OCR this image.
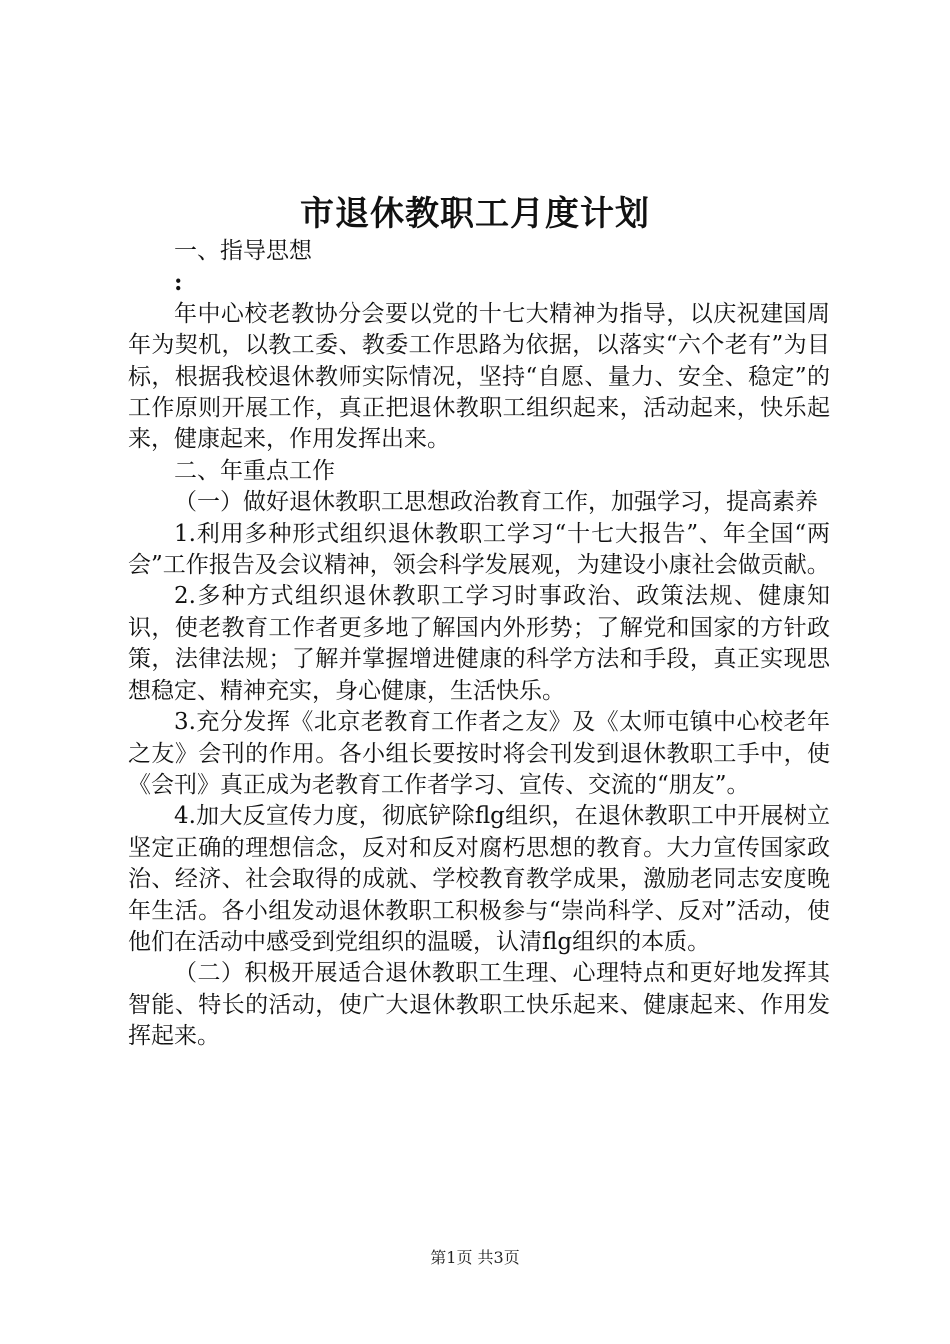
市退休教职工月度计划

一、指导思想

:

年中心校老教协分会要以党的十七大精神为指导，以庆祝建国周年为契机，以教工委、教委工作思路为依据，以落实“六个老有”为目标，根据我校退休教师实际情况，坚持“自愿、量力、安全、稳定”的工作原则开展工作，真正把退休教职工组织起来，活动起来，快乐起来，健康起来，作用发挥出来。

二、年重点工作

（一）做好退休教职工思想政治教育工作，加强学习，提高素养

1.利用多种形式组织退休教职工学习“十七大报告”、年全国“两会”工作报告及会议精神，领会科学发展观，为建设小康社会做贡献。

2.多种方式组织退休教职工学习时事政治、政策法规、健康知识，使老教育工作者更多地了解国内外形势；了解党和国家的方针政策，法律法规；了解并掌握增进健康的科学方法和手段，真正实现思想稳定、精神充实，身心健康，生活快乐。

3.充分发挥《北京老教育工作者之友》及《太师屯镇中心校老年之友》会刊的作用。各小组长要按时将会刊发到退休教职工手中，使《会刊》真正成为老教育工作者学习、宣传、交流的“朋友”。

4.加大反宣传力度，彻底铲除flg组织，在退休教职工中开展树立坚定正确的理想信念，反对和反对腐朽思想的教育。大力宣传国家政治、经济、社会取得的成就、学校教育教学成果，激励老同志安度晚年生活。各小组发动退休教职工积极参与“崇尚科学、反对”活动，使他们在活动中感受到党组织的温暖，认清flg组织的本质。

（二）积极开展适合退休教职工生理、心理特点和更好地发挥其智能、特长的活动，使广大退休教职工快乐起来、健康起来、作用发挥起来。

第1页 共3页
